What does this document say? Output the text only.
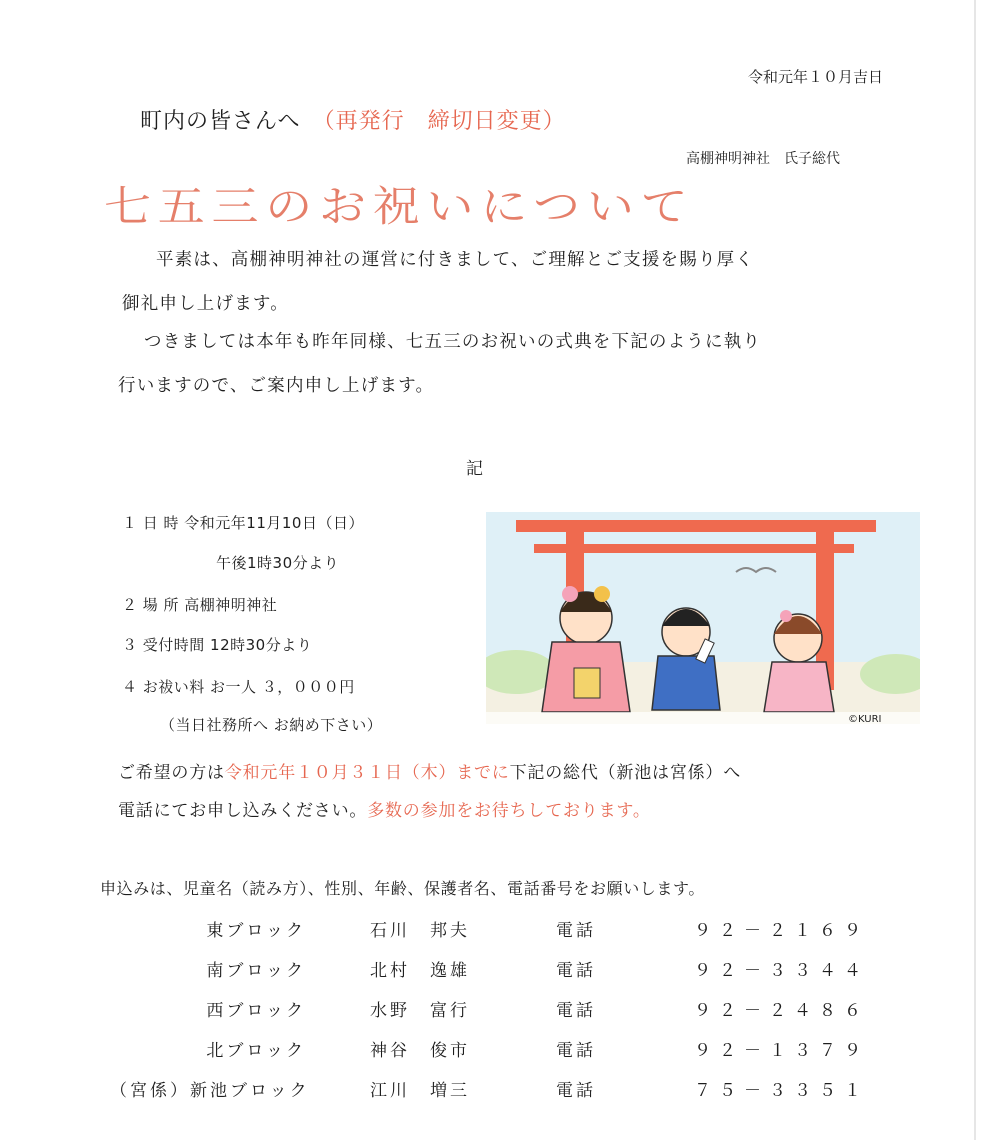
令和元年１０月吉日
町内の皆さんへ （再発行　締切日変更）
高棚神明神社　氏子総代
七五三のお祝いについて
平素は、高棚神明神社の運営に付きまして、ご理解とご支援を賜り厚く
御礼申し上げます。
つきましては本年も昨年同様、七五三のお祝いの式典を下記のように執り
行いますので、ご案内申し上げます。
記
１ 日 時 令和元年11月10日（日）
午後1時30分より
２ 場 所 高棚神明神社
３ 受付時間 12時30分より
４ お祓い料 お一人 ３，０００円
（当日社務所へ お納め下さい）	©KURI
ご希望の方は令和元年１０月３１日（木）までに下記の総代（新池は宮係）へ
電話にてお申し込みください。多数の参加をお待ちしております。
申込みは、児童名（読み方）、性別、年齢、保護者名、電話番号をお願いします。
東ブロック	石川　邦夫	電話	９２－２１６９
南ブロック	北村　逸雄	電話	９２－３３４４
西ブロック	水野　富行	電話	９２－２４８６
北ブロック	神谷　俊市	電話	９２－１３７９
（宮係）新池ブロック	江川　増三	電話	７５－３３５１
